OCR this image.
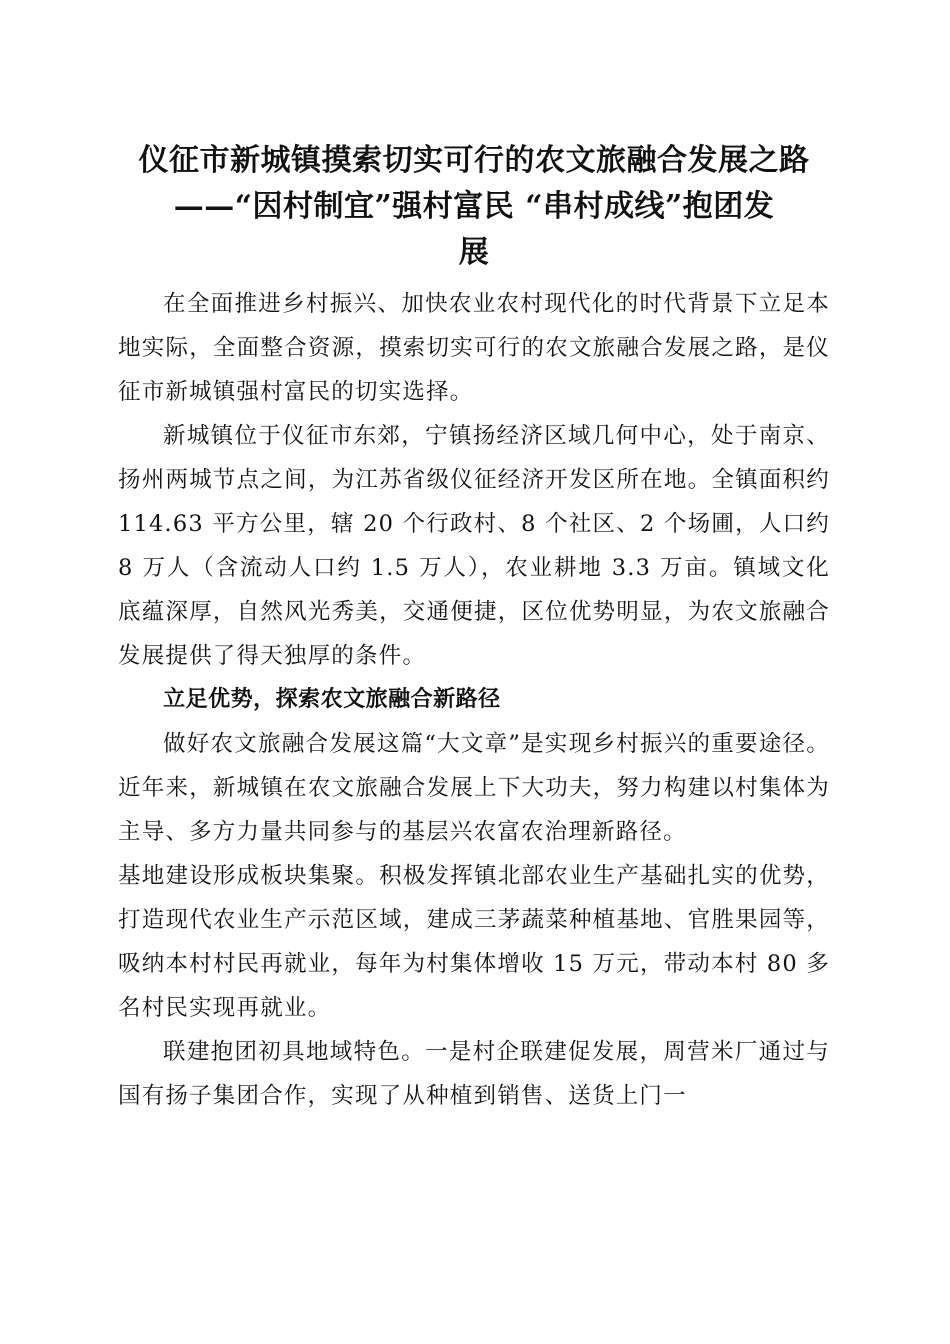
仪征市新城镇摸索切实可行的农文旅融合发展之路
——“因村制宜”强村富民 “串村成线”抱团发
展

在全面推进乡村振兴、加快农业农村现代化的时代背景下立足本地实际，全面整合资源，摸索切实可行的农文旅融合发展之路，是仪征市新城镇强村富民的切实选择。

新城镇位于仪征市东郊，宁镇扬经济区域几何中心，处于南京、扬州两城节点之间，为江苏省级仪征经济开发区所在地。全镇面积约 114.63 平方公里，辖 20 个行政村、8 个社区、2 个场圃，人口约 8 万人（含流动人口约 1.5 万人），农业耕地 3.3 万亩。镇域文化底蕴深厚，自然风光秀美，交通便捷，区位优势明显，为农文旅融合发展提供了得天独厚的条件。

立足优势，探索农文旅融合新路径

做好农文旅融合发展这篇“大文章”是实现乡村振兴的重要途径。近年来，新城镇在农文旅融合发展上下大功夫，努力构建以村集体为主导、多方力量共同参与的基层兴农富农治理新路径。

基地建设形成板块集聚。积极发挥镇北部农业生产基础扎实的优势，打造现代农业生产示范区域，建成三茅蔬菜种植基地、官胜果园等，吸纳本村村民再就业，每年为村集体增收 15 万元，带动本村 80 多名村民实现再就业。

联建抱团初具地域特色。一是村企联建促发展，周营米厂通过与国有扬子集团合作，实现了从种植到销售、送货上门一
